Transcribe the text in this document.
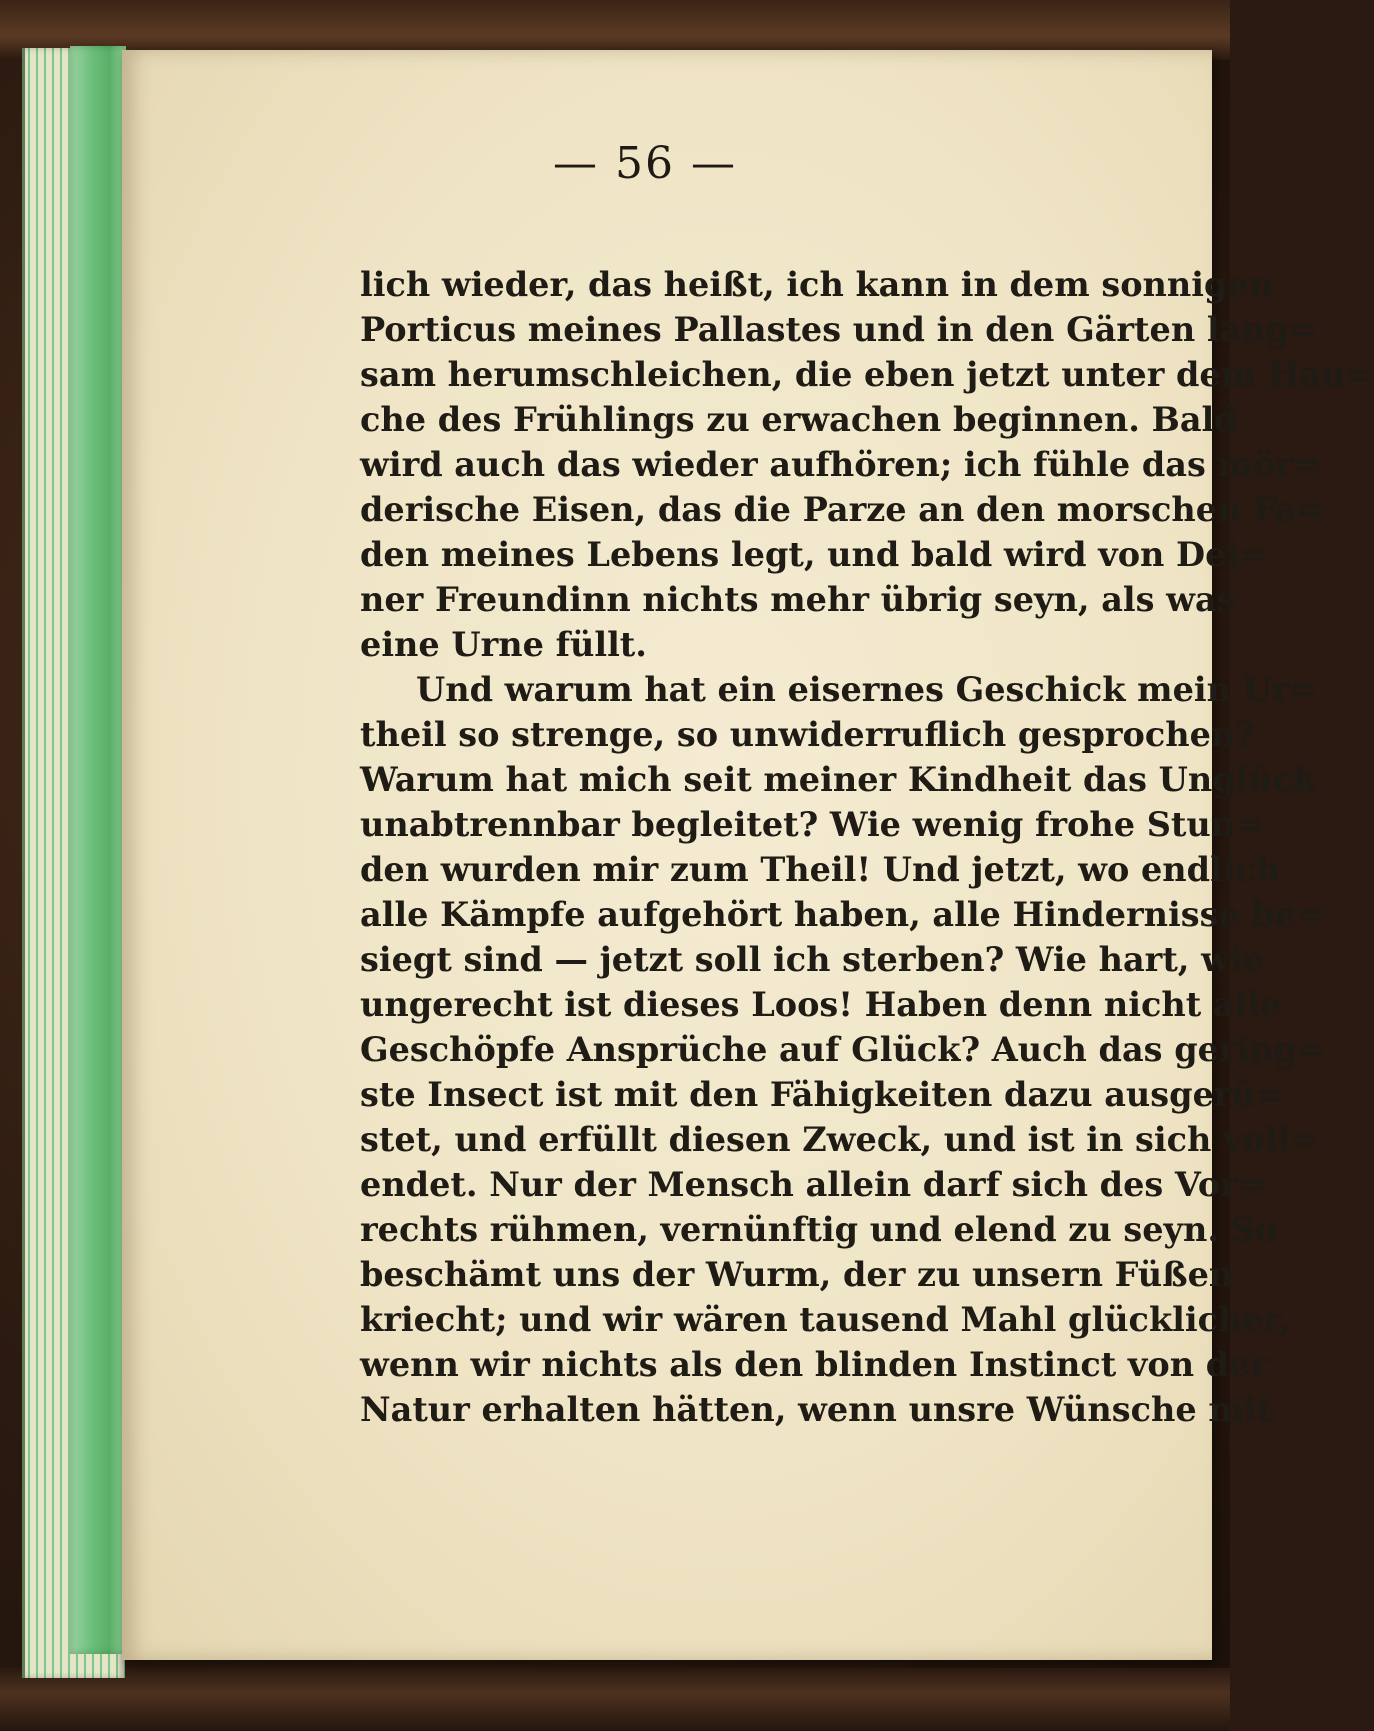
— 56 —

lich wieder, das heißt, ich kann in dem sonnigen
Porticus meines Pallastes und in den Gärten lang=
sam herumschleichen, die eben jetzt unter dem Hau=
che des Frühlings zu erwachen beginnen. Bald
wird auch das wieder aufhören; ich fühle das mör=
derische Eisen, das die Parze an den morschen Fa=
den meines Lebens legt, und bald wird von Dei=
ner Freundinn nichts mehr übrig seyn, als was
eine Urne füllt.
Und warum hat ein eisernes Geschick mein Ur=
theil so strenge, so unwiderruflich gesprochen?
Warum hat mich seit meiner Kindheit das Unglück
unabtrennbar begleitet? Wie wenig frohe Stun=
den wurden mir zum Theil! Und jetzt, wo endlich
alle Kämpfe aufgehört haben, alle Hindernisse be=
siegt sind — jetzt soll ich sterben? Wie hart, wie
ungerecht ist dieses Loos! Haben denn nicht alle
Geschöpfe Ansprüche auf Glück? Auch das gering=
ste Insect ist mit den Fähigkeiten dazu ausgerü=
stet, und erfüllt diesen Zweck, und ist in sich voll=
endet. Nur der Mensch allein darf sich des Vor=
rechts rühmen, vernünftig und elend zu seyn. So
beschämt uns der Wurm, der zu unsern Füßen
kriecht; und wir wären tausend Mahl glücklicher,
wenn wir nichts als den blinden Instinct von der
Natur erhalten hätten, wenn unsre Wünsche mit
